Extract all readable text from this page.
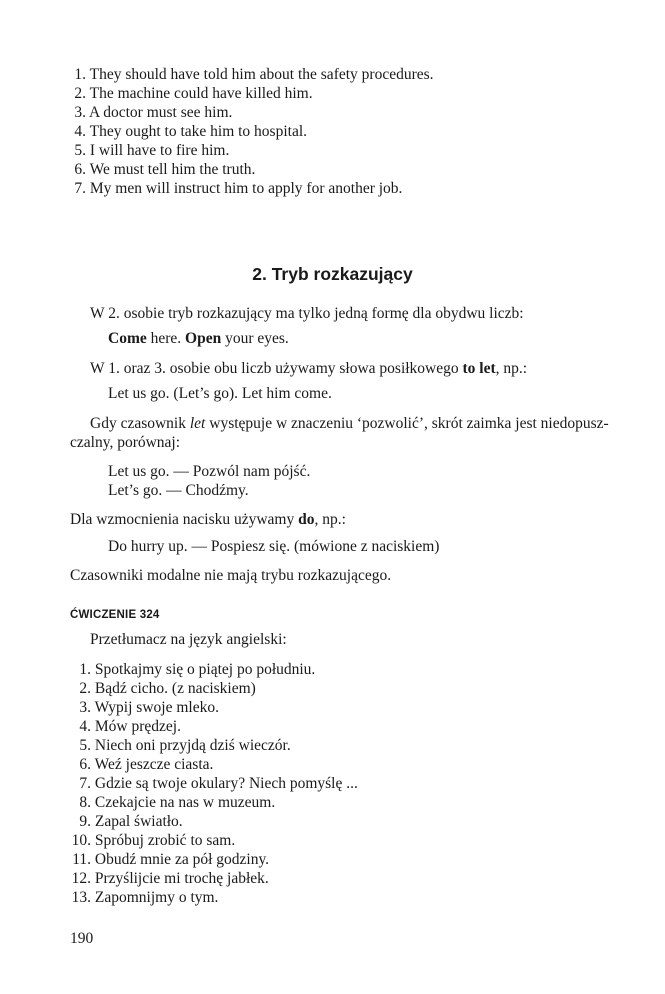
1. They should have told him about the safety procedures.
2. The machine could have killed him.
3. A doctor must see him.
4. They ought to take him to hospital.
5. I will have to fire him.
6. We must tell him the truth.
7. My men will instruct him to apply for another job.
2. Tryb rozkazujący
W 2. osobie tryb rozkazujący ma tylko jedną formę dla obydwu liczb:
Come here. Open your eyes.
W 1. oraz 3. osobie obu liczb używamy słowa posiłkowego to let, np.:
Let us go. (Let’s go). Let him come.
Gdy czasownik let występuje w znaczeniu ‘pozwolić’, skrót zaimka jest niedopusz-
czalny, porównaj:
Let us go. — Pozwól nam pójść.
Let’s go. — Chodźmy.
Dla wzmocnienia nacisku używamy do, np.:
Do hurry up. — Pospiesz się. (mówione z naciskiem)
Czasowniki modalne nie mają trybu rozkazującego.
ĆWICZENIE 324
Przetłumacz na język angielski:
1. Spotkajmy się o piątej po południu.
2. Bądź cicho. (z naciskiem)
3. Wypij swoje mleko.
4. Mów prędzej.
5. Niech oni przyjdą dziś wieczór.
6. Weź jeszcze ciasta.
7. Gdzie są twoje okulary? Niech pomyślę ...
8. Czekajcie na nas w muzeum.
9. Zapal światło.
10. Spróbuj zrobić to sam.
11. Obudź mnie za pół godziny.
12. Przyślijcie mi trochę jabłek.
13. Zapomnijmy o tym.
190
